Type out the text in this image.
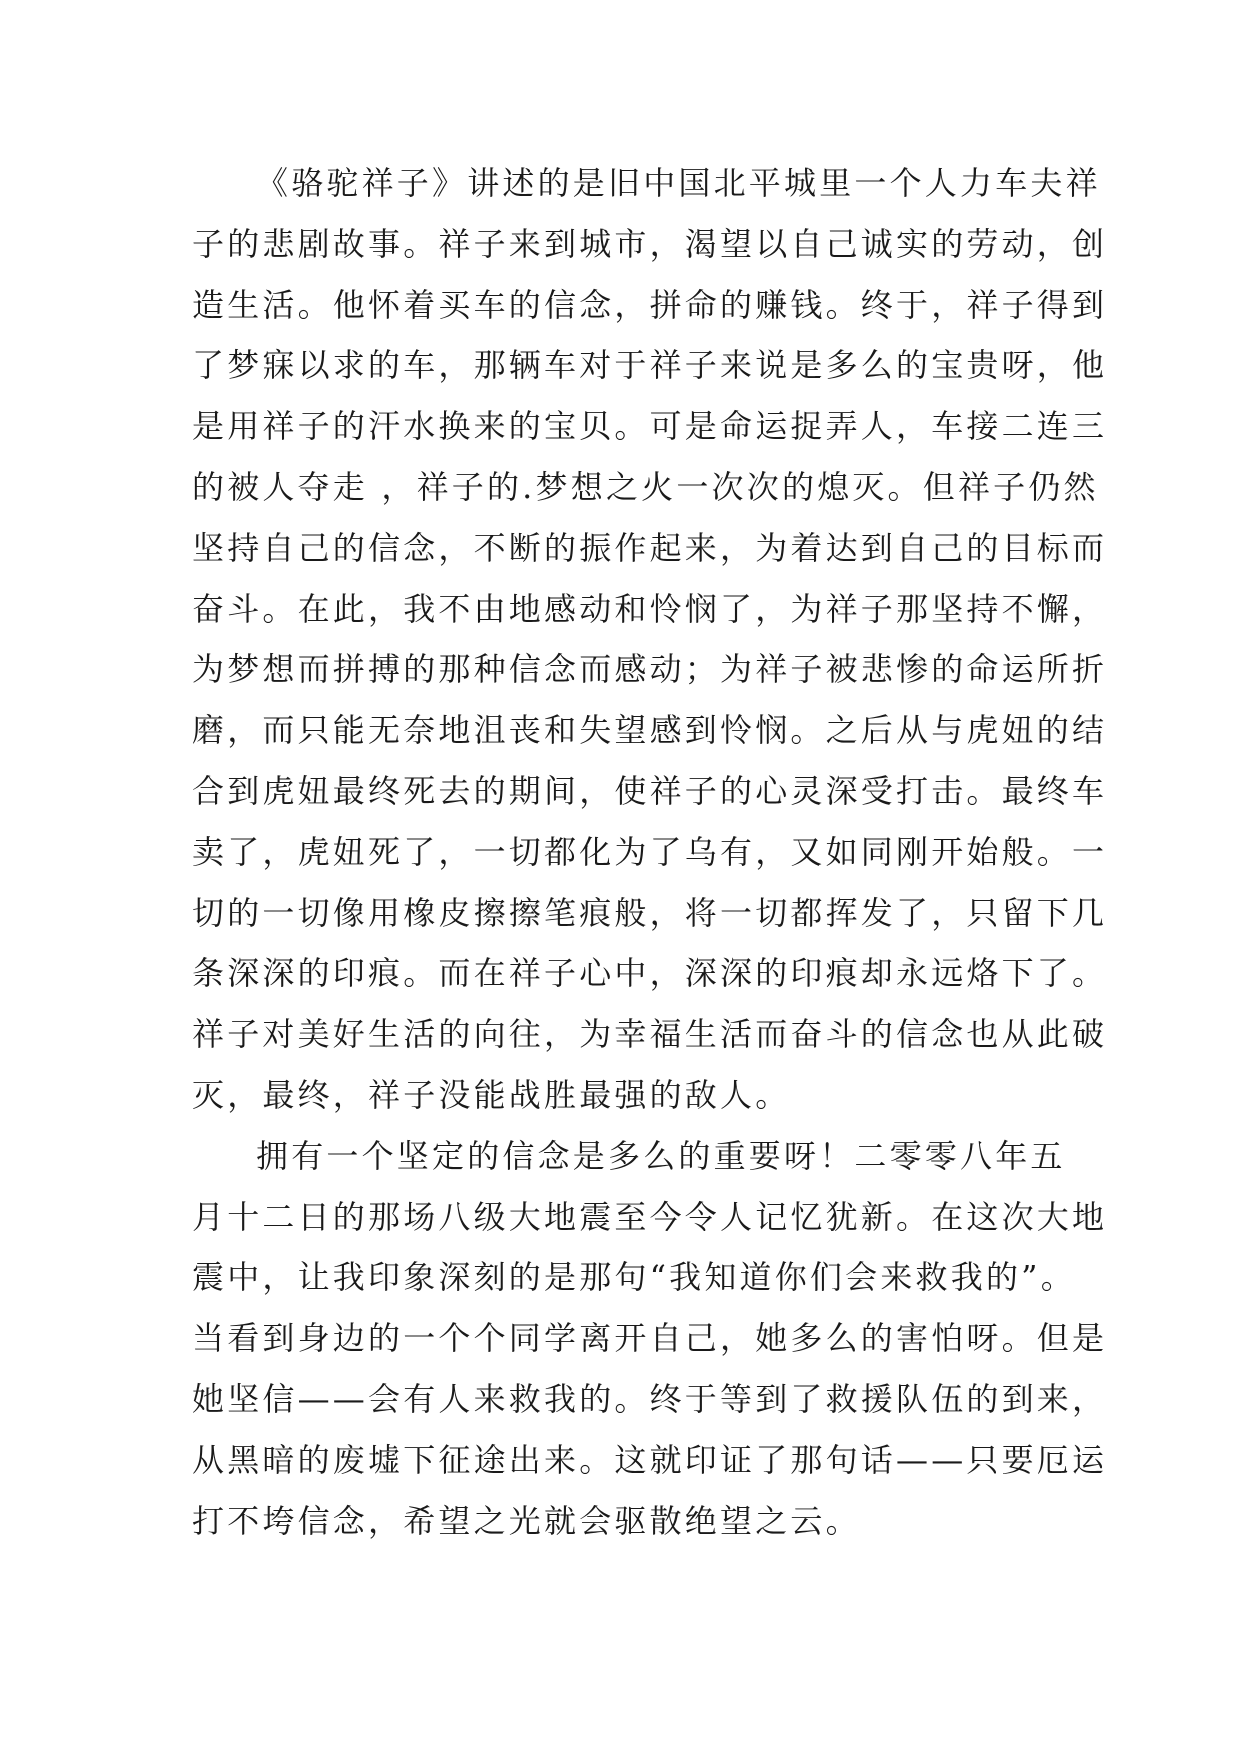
《骆驼祥子》讲述的是旧中国北平城里一个人力车夫祥
子的悲剧故事。祥子来到城市，渴望以自己诚实的劳动，创
造生活。他怀着买车的信念，拼命的赚钱。终于，祥子得到
了梦寐以求的车，那辆车对于祥子来说是多么的宝贵呀，他
是用祥子的汗水换来的宝贝。可是命运捉弄人，车接二连三
的被人夺走 ，祥子的.梦想之火一次次的熄灭。但祥子仍然
坚持自己的信念，不断的振作起来，为着达到自己的目标而
奋斗。在此，我不由地感动和怜悯了，为祥子那坚持不懈，
为梦想而拼搏的那种信念而感动；为祥子被悲惨的命运所折
磨，而只能无奈地沮丧和失望感到怜悯。之后从与虎妞的结
合到虎妞最终死去的期间，使祥子的心灵深受打击。最终车
卖了，虎妞死了，一切都化为了乌有，又如同刚开始般。一
切的一切像用橡皮擦擦笔痕般，将一切都挥发了，只留下几
条深深的印痕。而在祥子心中，深深的印痕却永远烙下了。
祥子对美好生活的向往，为幸福生活而奋斗的信念也从此破
灭，最终，祥子没能战胜最强的敌人。
拥有一个坚定的信念是多么的重要呀！二零零八年五
月十二日的那场八级大地震至今令人记忆犹新。在这次大地
震中，让我印象深刻的是那句“我知道你们会来救我的”。
当看到身边的一个个同学离开自己，她多么的害怕呀。但是
她坚信——会有人来救我的。终于等到了救援队伍的到来，
从黑暗的废墟下征途出来。这就印证了那句话——只要厄运
打不垮信念，希望之光就会驱散绝望之云。
